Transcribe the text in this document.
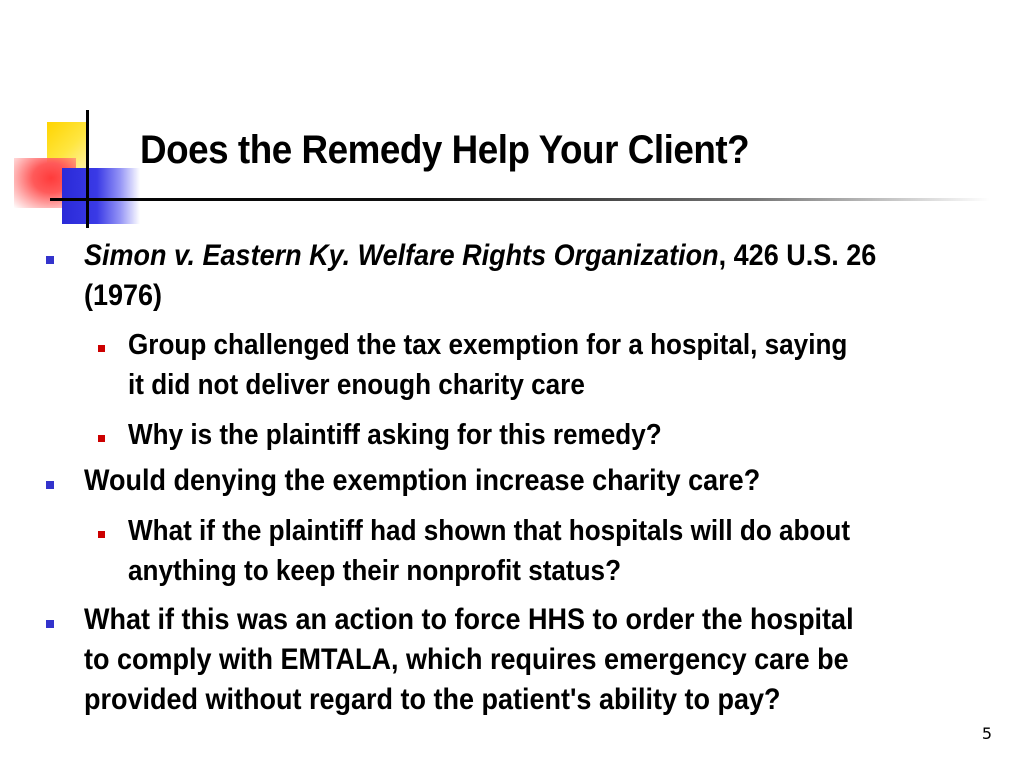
Does the Remedy Help Your Client?
Simon v. Eastern Ky. Welfare Rights Organization, 426 U.S. 26
(1976)
Group challenged the tax exemption for a hospital, saying
it did not deliver enough charity care
Why is the plaintiff asking for this remedy?
Would denying the exemption increase charity care?
What if the plaintiff had shown that hospitals will do about
anything to keep their nonprofit status?
What if this was an action to force HHS to order the hospital
to comply with EMTALA, which requires emergency care be
provided without regard to the patient's ability to pay?
5
